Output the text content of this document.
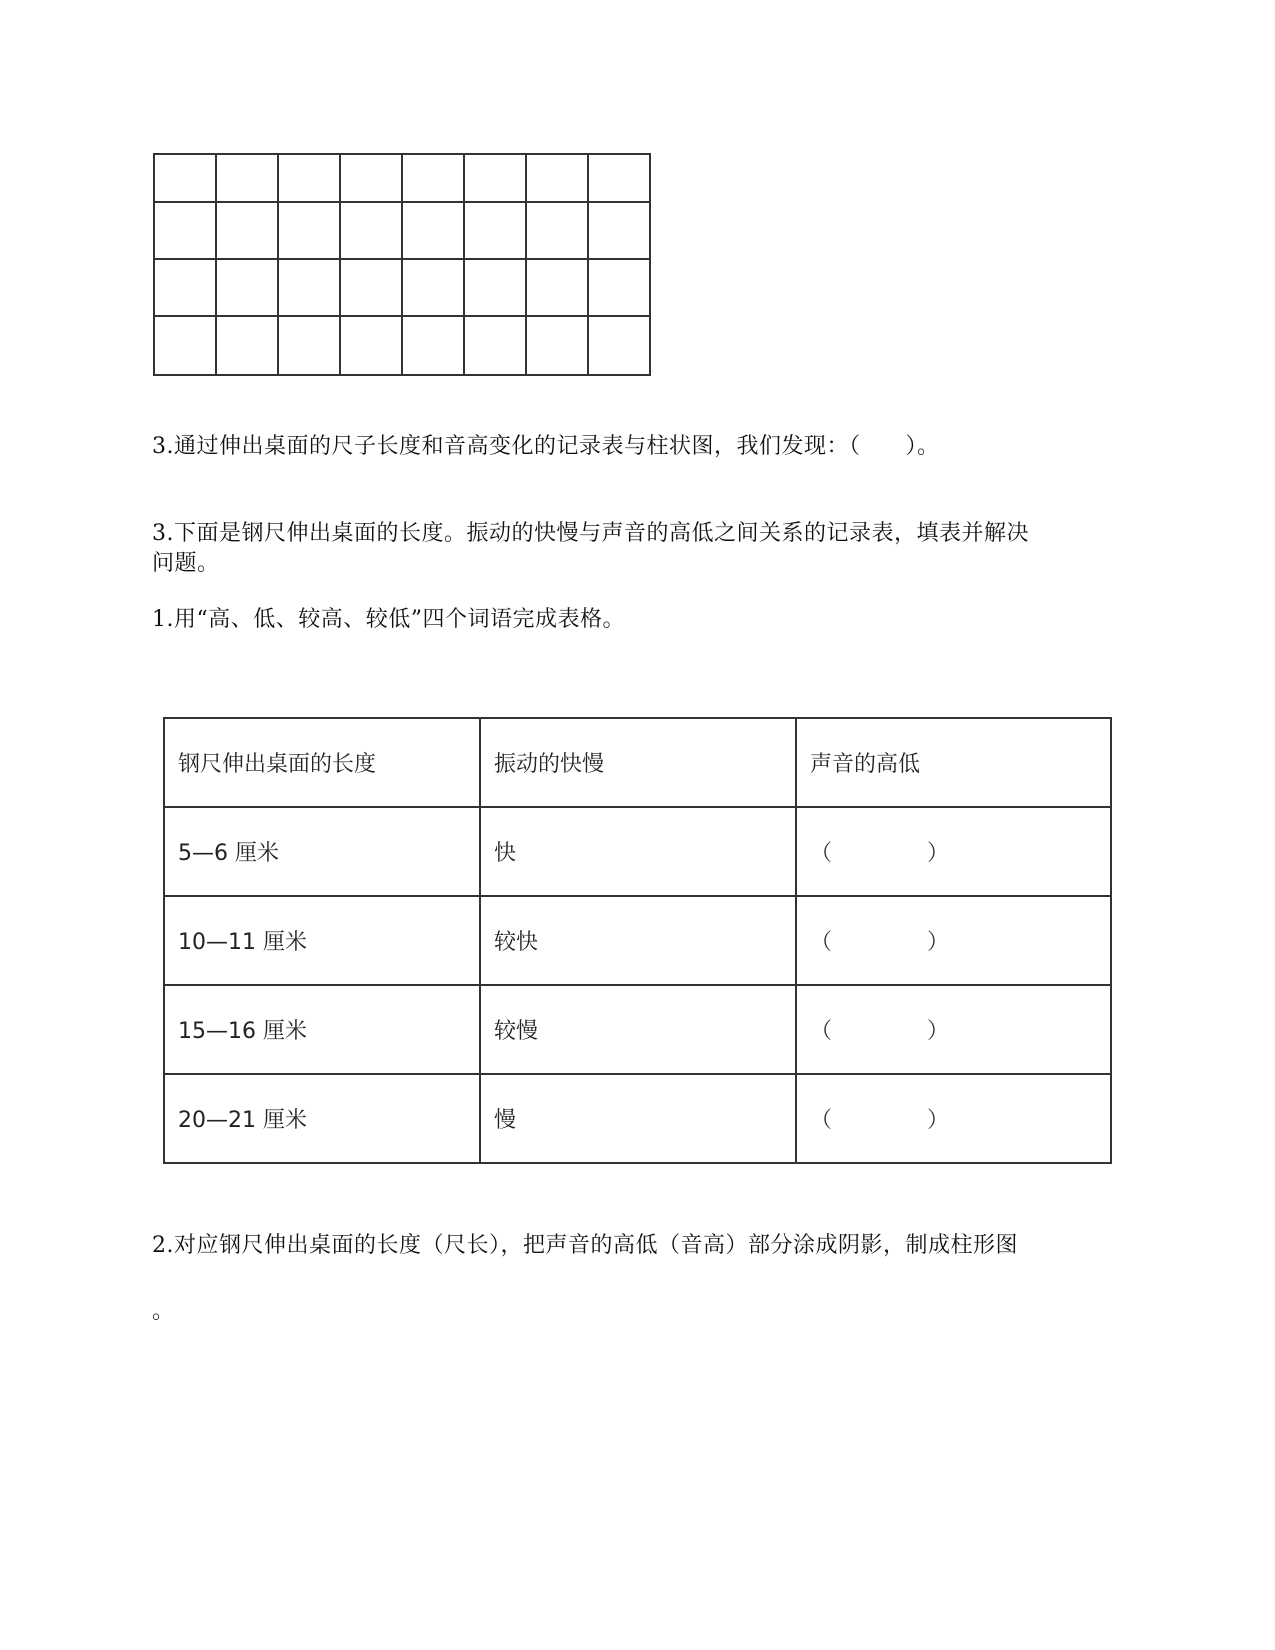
3.通过伸出桌面的尺子长度和音高变化的记录表与柱状图，我们发现：（　　）。

3.下面是钢尺伸出桌面的长度。振动的快慢与声音的高低之间关系的记录表，填表并解决

问题。

1.用“高、低、较高、较低”四个词语完成表格。

钢尺伸出桌面的长度	振动的快慢	声音的高低
5—6 厘米	快	（ ）
10—11 厘米	较快	（ ）
15—16 厘米	较慢	（ ）
20—21 厘米	慢	（ ）

2.对应钢尺伸出桌面的长度（尺长），把声音的高低（音高）部分涂成阴影，制成柱形图

。
